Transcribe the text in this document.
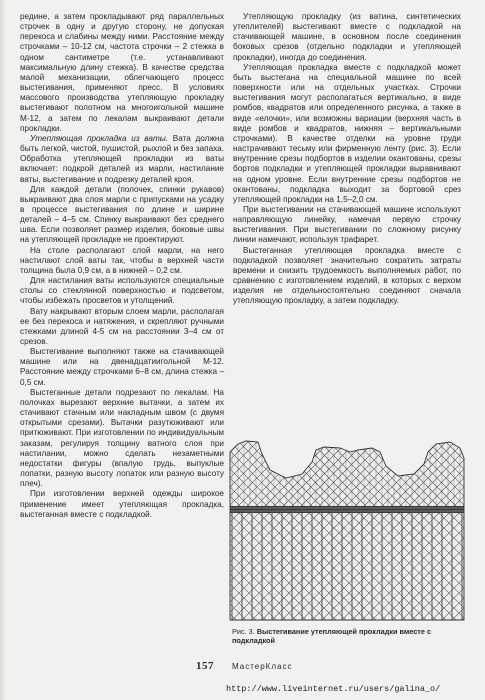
редине, а затем прокладывают ряд параллельных строчек в одну и другую сторону, не допуская перекоса и слабины между ними. Расстояние между строчками – 10-12 см, частота строчки – 2 стежка в одном сантиметре (т.е. устанавливают максимальную длину стежка). В качестве средства малой механизации, облегчающего процесс выстегивания, применяют пресс. В условиях массового производства утепляющую прокладку выстегивают полотном на многоигольной машине М-12, а затем по лекалам выкраивают детали прокладки.

Утепляющая прокладка из ваты. Вата должна быть легкой, чистой, пушистой, рыхлой и без запаха. Обработка утепляющей прокладки из ваты включает: подкрой деталей из марли, настилание ваты, выстегивание и подрезку деталей кроя.

Для каждой детали (полочек, спинки рукавов) выкраивают два слоя марли с припусками на усадку в процессе выстегивания по длине и ширине деталей – 4–5 см. Спинку выкраивают без среднего шва. Если позволяет размер изделия, боковые швы на утепляющей прокладке не проектируют.

На столе располагают слой марли, на него настилают слой ваты так, чтобы в верхней части толщина была 0,9 см, а в нижней – 0,2 см.

Для настилания ваты используются специальные столы со стеклянной поверхностью и подсветом, чтобы избежать просветов и утолщений.

Вату накрывают вторым слоем марли, располагая ее без перекоса и натяжения, и скрепляют ручными стежками длиной 4-5 см на расстоянии 3–4 см от срезов.

Выстегивание выполняют также на стачивающей машине или на двенадцатиигольной М-12. Расстояние между строчками 6–8 см, длина стежка – 0,5 см.

Выстеганные детали подрезают по лекалам. На полочках вырезают верхние вытачки, а затем их стачивают стачным или накладным швом (с двумя открытыми срезами). Вытачки разутюживают или притюживают. При изготовлении по индивидуальным заказам, регулируя толщину ватного слоя при настилании, можно сделать незаметными недостатки фигуры (впалую грудь, выпуклые лопатки, разную высоту лопаток или разную высоту плеч).

При изготовлении верхней одежды широкое применение имеет утепляющая прокладка, выстеганная вместе с подкладкой.

Утепляющую прокладку (из ватина, синтетических утеплителей) выстегивают вместе с подкладкой на стачивающей машине, в основном после соединения боковых срезов (отдельно подкладки и утепляющей прокладки), иногда до соединения.

Утепляющая прокладка вместе с подкладкой может быть выстегана на специальной машине по всей поверхности или на отдельных участках. Строчки выстегивания могут располагаться вертикально, в виде ромбов, квадратов или определенного рисунка, а также в виде «елочки», или возможны вариации (верхняя часть в виде ромбов и квадратов, нижняя – вертикальными строчками). В качестве отделки на уровне груди настрачивают тесьму или фирменную ленту (рис. 3). Если внутренние срезы подбортов в изделии окантованы, срезы бортов подкладки и утепляющей прокладки выравнивают на одном уровне. Если внутренние срезы подбортов не окантованы, подкладка выходит за бортовой срез утепляющей прокладки на 1,5–2,0 см.

При выстегивании на стачивающей машине используют направляющую линейку, намечая первую строчку выстегивания. При выстегивании по сложному рисунку линии намечают, используя трафарет.

Выстеганная утепляющая прокладка вместе с подкладкой позволяет значительно сократить затраты времени и снизить трудоемкость выполняемых работ, по сравнению с изготовлением изделий, в которых с верхом изделия не отдельностоятельно соединяют сначала утепляющую прокладку, а затем подкладку.

Рис. 3. Выстегивание утепляющей прокладки вместе с подкладкой
157 МастерКласс
http://www.liveinternet.ru/users/galina_o/
